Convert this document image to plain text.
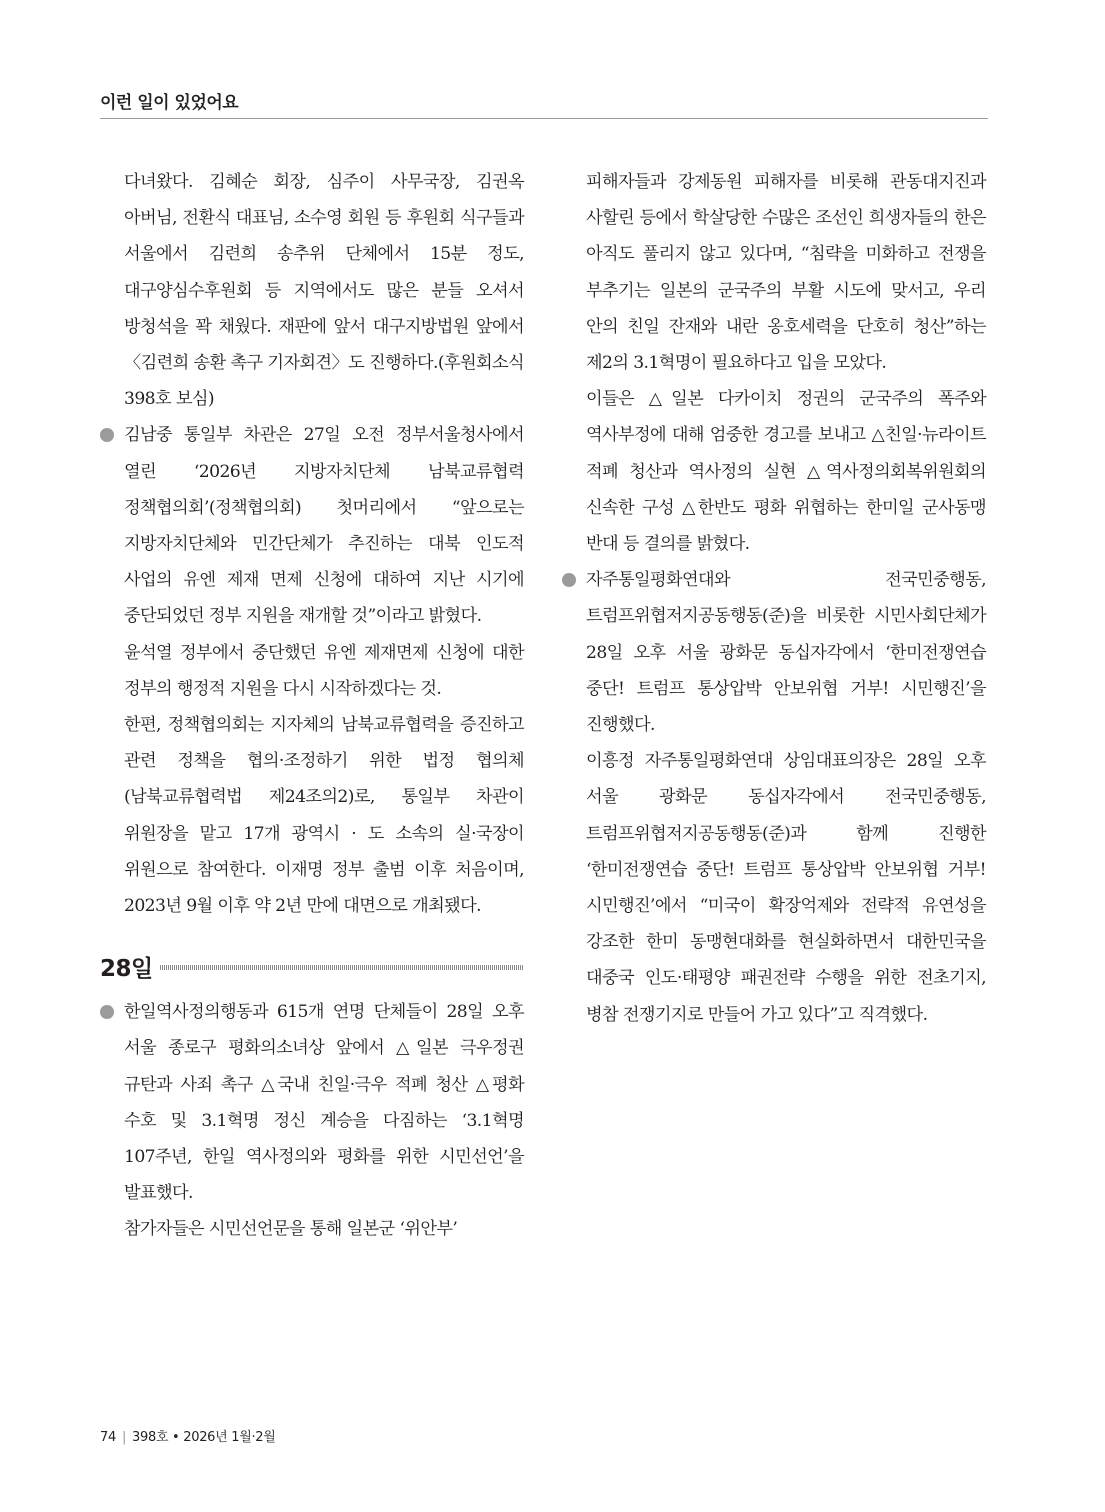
이런 일이 있었어요

다녀왔다. 김혜순 회장, 심주이 사무국장, 김권옥 아버님, 전환식 대표님, 소수영 회원 등 후원회 식구들과 서울에서 김련희 송추위 단체에서 15분 정도, 대구양심수후원회 등 지역에서도 많은 분들 오셔서 방청석을 꽉 채웠다. 재판에 앞서 대구지방법원 앞에서 〈김련희 송환 촉구 기자회견〉도 진행하다.(후원회소식 398호 보심)

김남중 통일부 차관은 27일 오전 정부서울청사에서 열린 ‘2026년 지방자치단체 남북교류협력 정책협의회’(정책협의회) 첫머리에서 “앞으로는 지방자치단체와 민간단체가 추진하는 대북 인도적 사업의 유엔 제재 면제 신청에 대하여 지난 시기에 중단되었던 정부 지원을 재개할 것”이라고 밝혔다.

윤석열 정부에서 중단했던 유엔 제재면제 신청에 대한 정부의 행정적 지원을 다시 시작하겠다는 것.

한편, 정책협의회는 지자체의 남북교류협력을 증진하고 관련 정책을 협의·조정하기 위한 법정 협의체(남북교류협력법 제24조의2)로, 통일부 차관이 위원장을 맡고 17개 광역시 · 도 소속의 실·국장이 위원으로 참여한다. 이재명 정부 출범 이후 처음이며, 2023년 9월 이후 약 2년 만에 대면으로 개최됐다.

28일

한일역사정의행동과 615개 연명 단체들이 28일 오후 서울 종로구 평화의소녀상 앞에서 △일본 극우정권 규탄과 사죄 촉구 △국내 친일·극우 적폐 청산 △평화 수호 및 3.1혁명 정신 계승을 다짐하는 ‘3.1혁명 107주년, 한일 역사정의와 평화를 위한 시민선언’을 발표했다.

참가자들은 시민선언문을 통해 일본군 ‘위안부’

피해자들과 강제동원 피해자를 비롯해 관동대지진과 사할린 등에서 학살당한 수많은 조선인 희생자들의 한은 아직도 풀리지 않고 있다며, “침략을 미화하고 전쟁을 부추기는 일본의 군국주의 부활 시도에 맞서고, 우리 안의 친일 잔재와 내란 옹호세력을 단호히 청산”하는 제2의 3.1혁명이 필요하다고 입을 모았다.

이들은 △일본 다카이치 정권의 군국주의 폭주와 역사부정에 대해 엄중한 경고를 보내고 △친일·뉴라이트 적폐 청산과 역사정의 실현 △역사정의회복위원회의 신속한 구성 △한반도 평화 위협하는 한미일 군사동맹 반대 등 결의를 밝혔다.

자주통일평화연대와 전국민중행동, 트럼프위협저지공동행동(준)을 비롯한 시민사회단체가 28일 오후 서울 광화문 동십자각에서 ‘한미전쟁연습 중단! 트럼프 통상압박 안보위협 거부! 시민행진’을 진행했다.

이흥정 자주통일평화연대 상임대표의장은 28일 오후 서울 광화문 동십자각에서 전국민중행동, 트럼프위협저지공동행동(준)과 함께 진행한 ‘한미전쟁연습 중단! 트럼프 통상압박 안보위협 거부! 시민행진’에서 “미국이 확장억제와 전략적 유연성을 강조한 한미 동맹현대화를 현실화하면서 대한민국을 대중국 인도·태평양 패권전략 수행을 위한 전초기지, 병참 전쟁기지로 만들어 가고 있다”고 직격했다.

74 | 398호 • 2026년 1월·2월
